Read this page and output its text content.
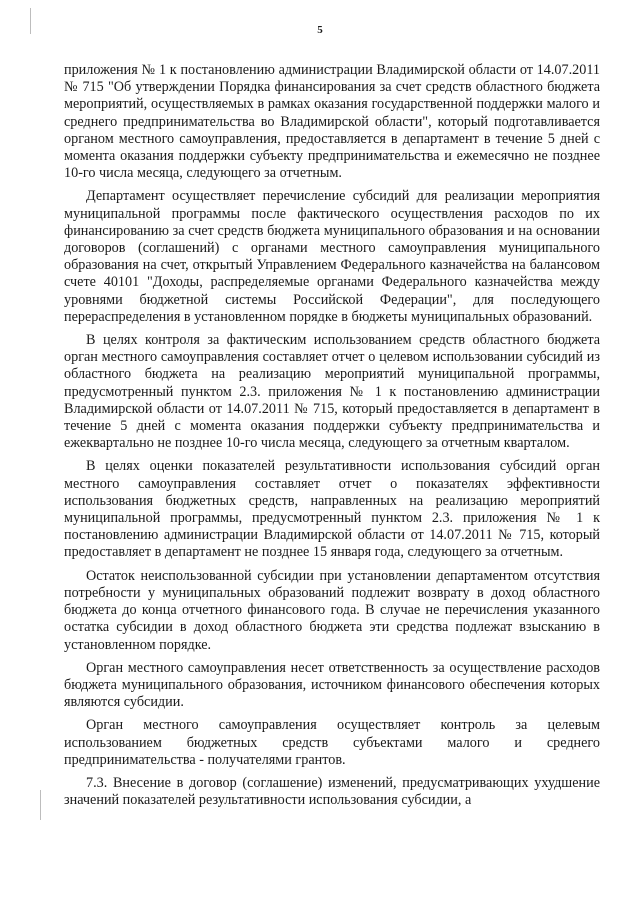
5

приложения № 1 к постановлению администрации Владимирской области от 14.07.2011 № 715 "Об утверждении Порядка финансирования за счет средств областного бюджета мероприятий, осуществляемых в рамках оказания государственной поддержки малого и среднего предпринимательства во Владимирской области", который подготавливается органом местного самоуправления, предоставляется в департамент в течение 5 дней с момента оказания поддержки субъекту предпринимательства и ежемесячно не позднее 10-го числа месяца, следующего за отчетным.

Департамент осуществляет перечисление субсидий для реализации мероприятия муниципальной программы после фактического осуществления расходов по их финансированию за счет средств бюджета муниципального образования и на основании договоров (соглашений) с органами местного самоуправления муниципального образования на счет, открытый Управлением Федерального казначейства на балансовом счете 40101 "Доходы, распределяемые органами Федерального казначейства между уровнями бюджетной системы Российской Федерации", для последующего перераспределения в установленном порядке в бюджеты муниципальных образований.

В целях контроля за фактическим использованием средств областного бюджета орган местного самоуправления составляет отчет о целевом использовании субсидий из областного бюджета на реализацию мероприятий муниципальной программы, предусмотренный пунктом 2.3. приложения № 1 к постановлению администрации Владимирской области от 14.07.2011 № 715, который предоставляется в департамент в течение 5 дней с момента оказания поддержки субъекту предпринимательства и ежеквартально не позднее 10-го числа месяца, следующего за отчетным кварталом.

В целях оценки показателей результативности использования субсидий орган местного самоуправления составляет отчет о показателях эффективности использования бюджетных средств, направленных на реализацию мероприятий муниципальной программы, предусмотренный пунктом 2.3. приложения № 1 к постановлению администрации Владимирской области от 14.07.2011 № 715, который предоставляет в департамент не позднее 15 января года, следующего за отчетным.

Остаток неиспользованной субсидии при установлении департаментом отсутствия потребности у муниципальных образований подлежит возврату в доход областного бюджета до конца отчетного финансового года. В случае не перечисления указанного остатка субсидии в доход областного бюджета эти средства подлежат взысканию в установленном порядке.

Орган местного самоуправления несет ответственность за осуществление расходов бюджета муниципального образования, источником финансового обеспечения которых являются субсидии.

Орган местного самоуправления осуществляет контроль за целевым использованием бюджетных средств субъектами малого и среднего предпринимательства - получателями грантов.

7.3. Внесение в договор (соглашение) изменений, предусматривающих ухудшение значений показателей результативности использования субсидии, а
